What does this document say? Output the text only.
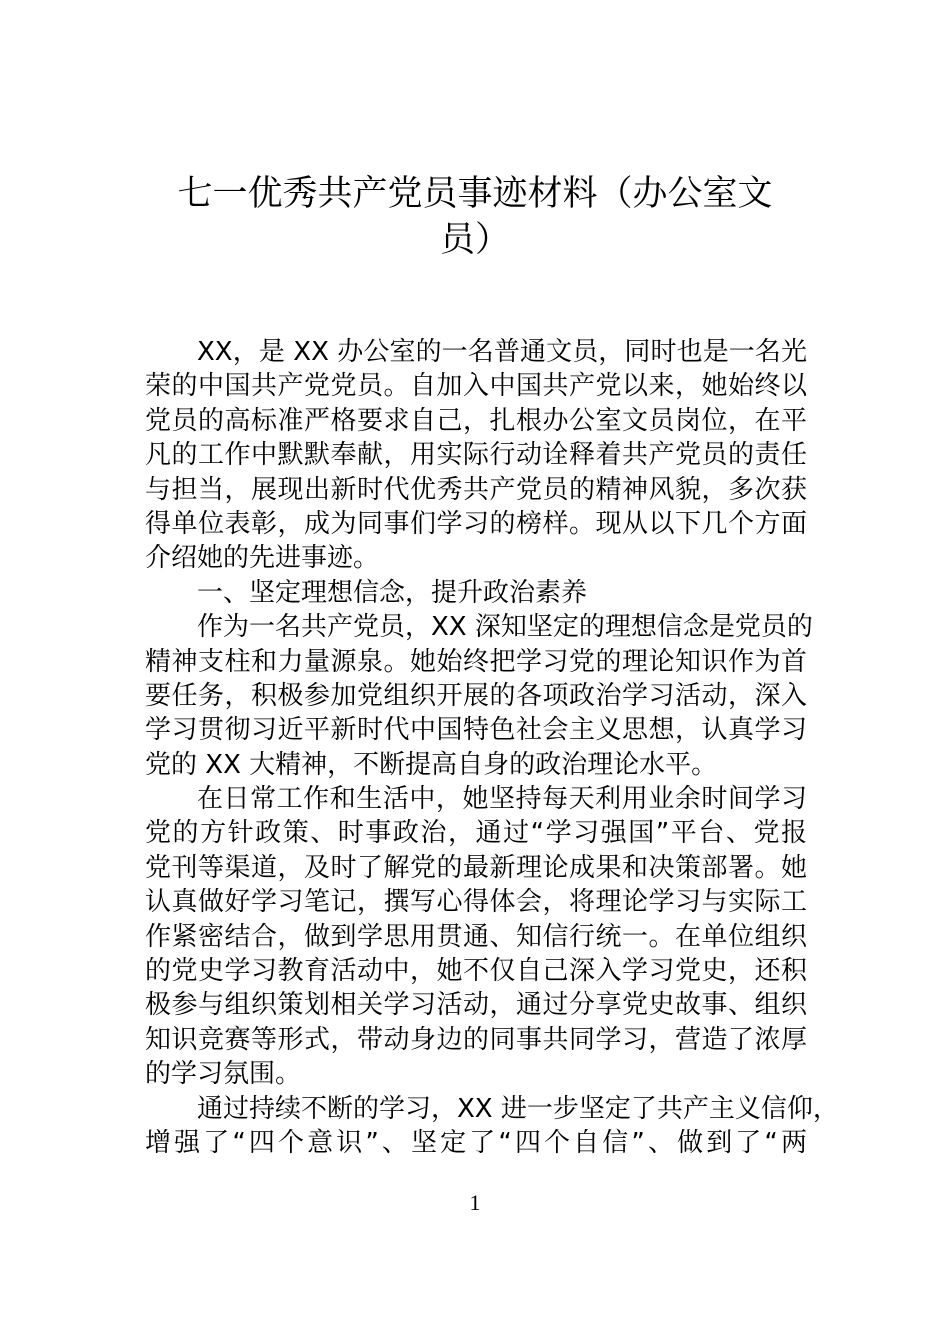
七一优秀共产党员事迹材料（办公室文
员）
XX，是 XX 办公室的一名普通文员，同时也是一名光
荣的中国共产党党员。自加入中国共产党以来，她始终以
党员的高标准严格要求自己，扎根办公室文员岗位，在平
凡的工作中默默奉献，用实际行动诠释着共产党员的责任
与担当，展现出新时代优秀共产党员的精神风貌，多次获
得单位表彰，成为同事们学习的榜样。现从以下几个方面
介绍她的先进事迹。
一、坚定理想信念，提升政治素养
作为一名共产党员，XX 深知坚定的理想信念是党员的
精神支柱和力量源泉。她始终把学习党的理论知识作为首
要任务，积极参加党组织开展的各项政治学习活动，深入
学习贯彻习近平新时代中国特色社会主义思想，认真学习
党的 XX 大精神，不断提高自身的政治理论水平。
在日常工作和生活中，她坚持每天利用业余时间学习
党的方针政策、时事政治，通过“学习强国”平台、党报
党刊等渠道，及时了解党的最新理论成果和决策部署。她
认真做好学习笔记，撰写心得体会，将理论学习与实际工
作紧密结合，做到学思用贯通、知信行统一。在单位组织
的党史学习教育活动中，她不仅自己深入学习党史，还积
极参与组织策划相关学习活动，通过分享党史故事、组织
知识竞赛等形式，带动身边的同事共同学习，营造了浓厚
的学习氛围。
通过持续不断的学习，XX 进一步坚定了共产主义信仰，
增强了“四个意识”、坚定了“四个自信”、做到了“两
1
